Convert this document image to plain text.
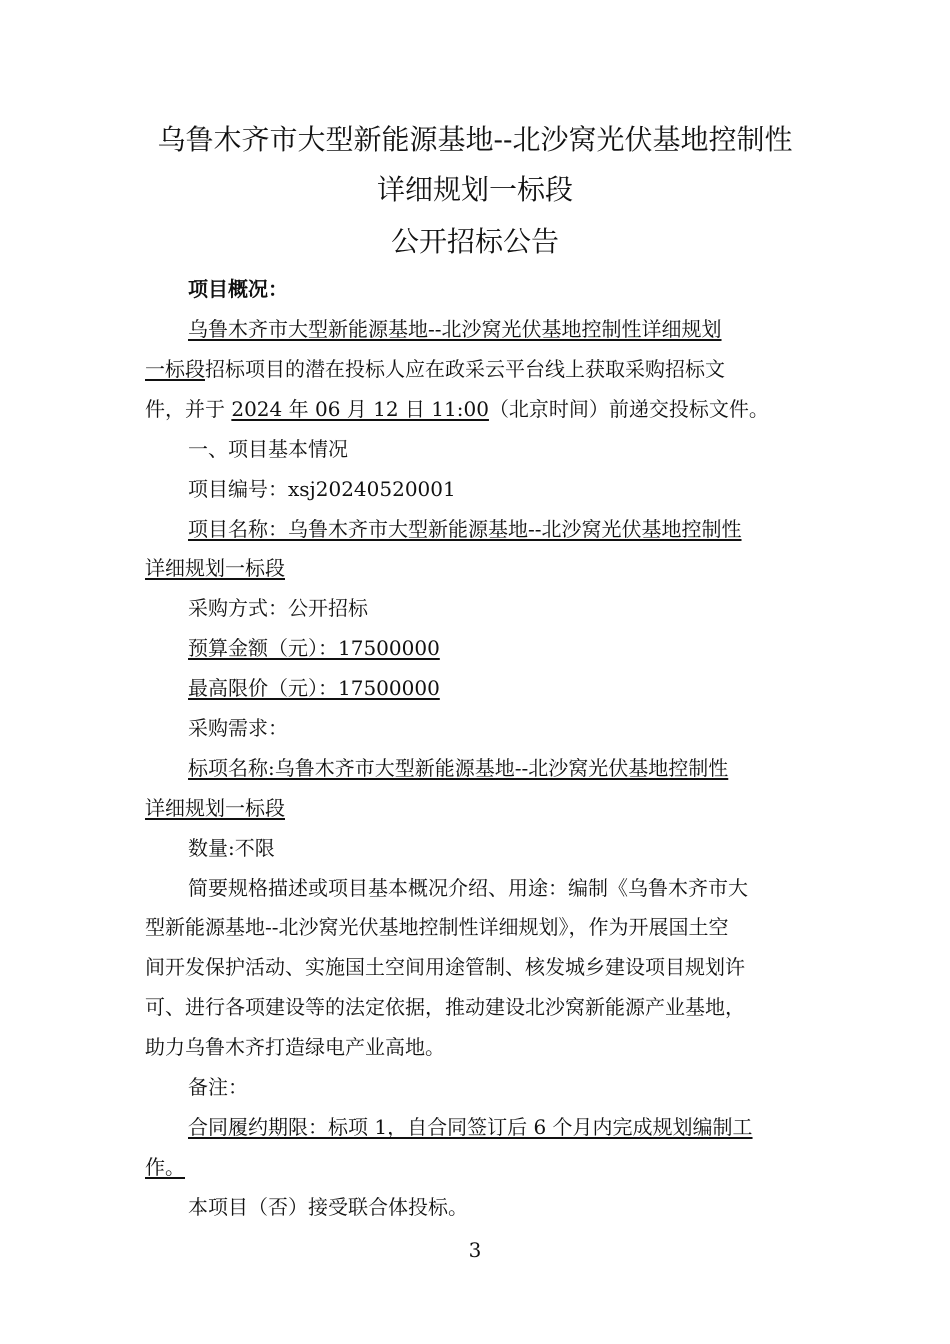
乌鲁木齐市大型新能源基地--北沙窝光伏基地控制性
详细规划一标段
公开招标公告
项目概况：
乌鲁木齐市大型新能源基地--北沙窝光伏基地控制性详细规划
一标段招标项目的潜在投标人应在政采云平台线上获取采购招标文
件，并于 2024 年 06 月 12 日 11:00（北京时间）前递交投标文件。
一、项目基本情况
项目编号：xsj20240520001
项目名称：乌鲁木齐市大型新能源基地--北沙窝光伏基地控制性
详细规划一标段
采购方式：公开招标
预算金额（元）：17500000
最高限价（元）：17500000
采购需求：
标项名称:乌鲁木齐市大型新能源基地--北沙窝光伏基地控制性
详细规划一标段
数量:不限
简要规格描述或项目基本概况介绍、用途：编制《乌鲁木齐市大
型新能源基地--北沙窝光伏基地控制性详细规划》，作为开展国土空
间开发保护活动、实施国土空间用途管制、核发城乡建设项目规划许
可、进行各项建设等的法定依据，推动建设北沙窝新能源产业基地，
助力乌鲁木齐打造绿电产业高地。
备注：
合同履约期限：标项 1，自合同签订后 6 个月内完成规划编制工
作。
本项目（否）接受联合体投标。
3
